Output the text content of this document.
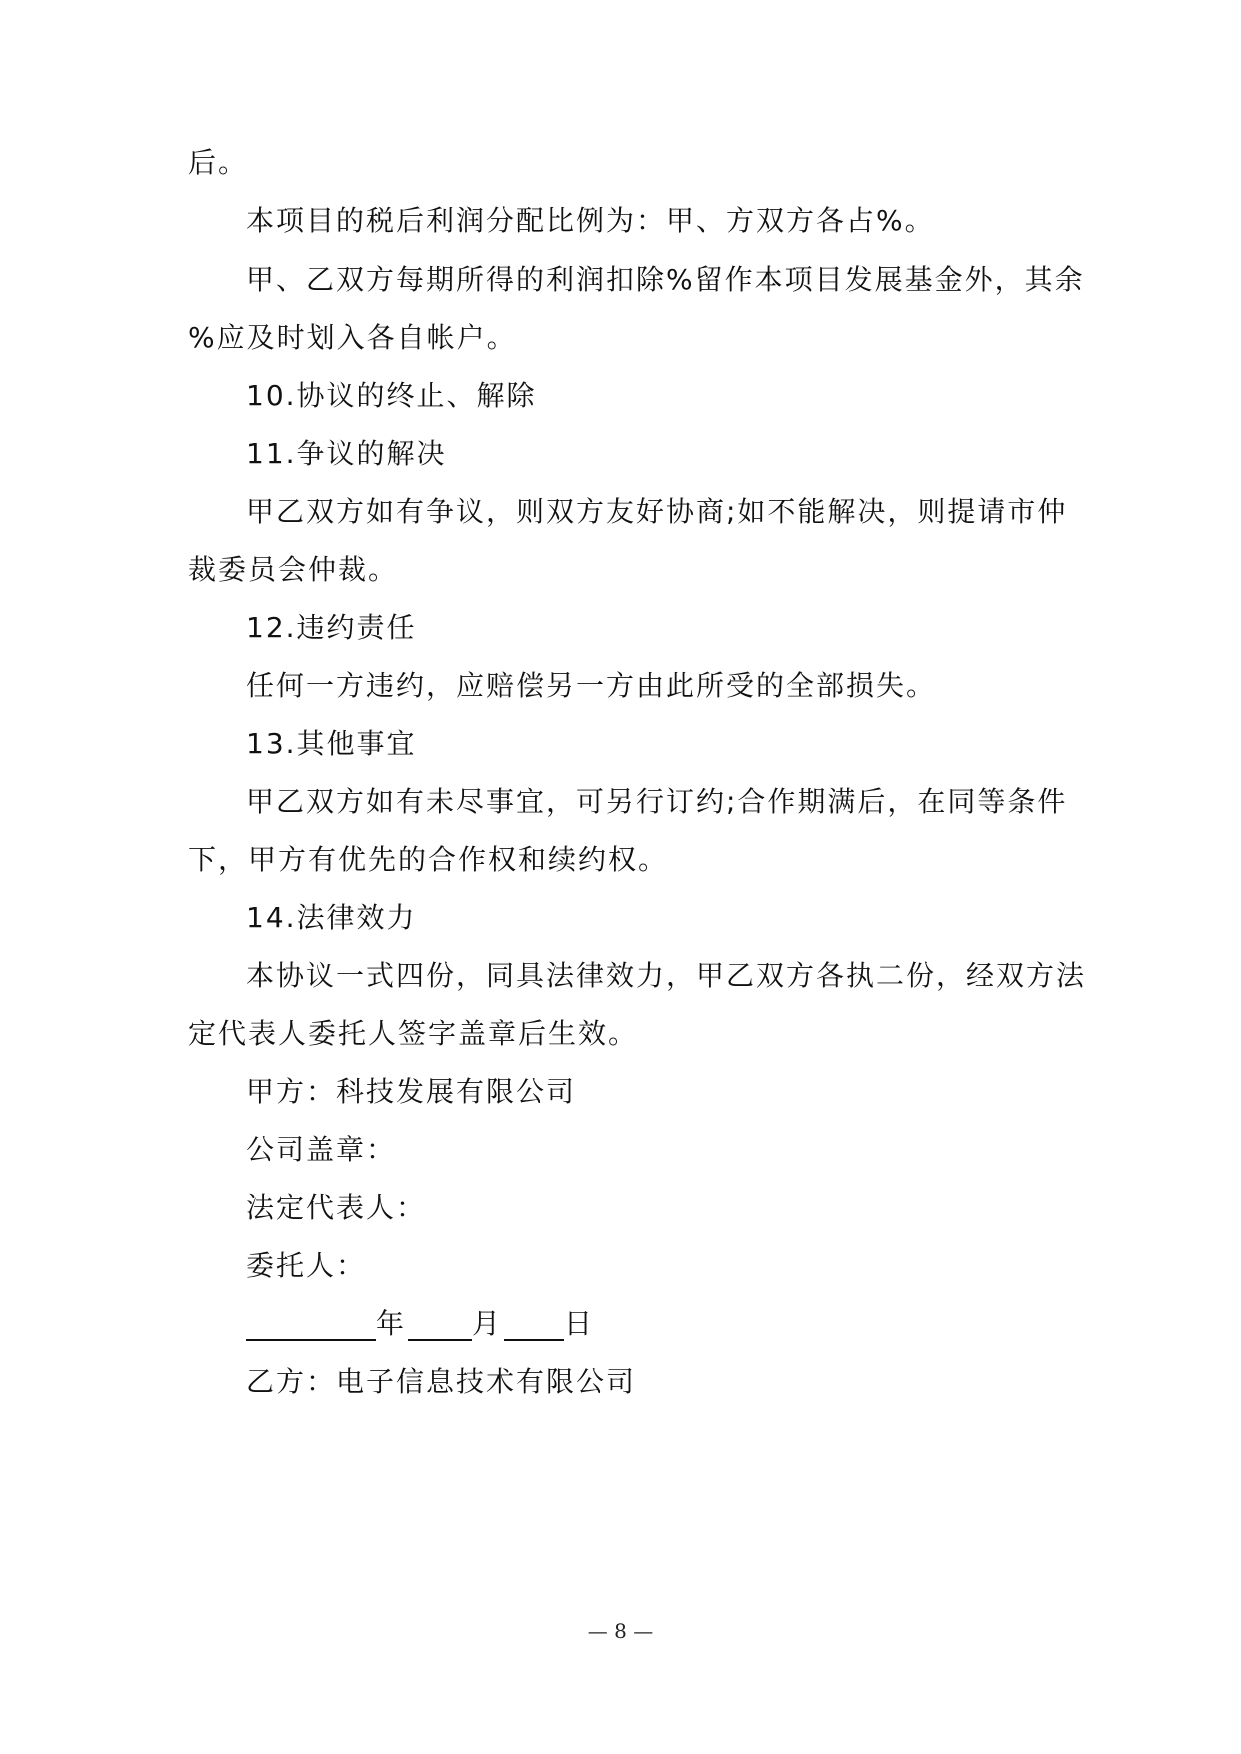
后。
本项目的税后利润分配比例为：甲、方双方各占%。
甲、乙双方每期所得的利润扣除%留作本项目发展基金外，其余
%应及时划入各自帐户。
10.协议的终止、解除
11.争议的解决
甲乙双方如有争议，则双方友好协商;如不能解决，则提请市仲
裁委员会仲裁。
12.违约责任
任何一方违约，应赔偿另一方由此所受的全部损失。
13.其他事宜
甲乙双方如有未尽事宜，可另行订约;合作期满后，在同等条件
下，甲方有优先的合作权和续约权。
14.法律效力
本协议一式四份，同具法律效力，甲乙双方各执二份，经双方法
定代表人委托人签字盖章后生效。
甲方：科技发展有限公司
公司盖章：
法定代表人：
委托人：
年 月 日
乙方：电子信息技术有限公司
— 8 —
